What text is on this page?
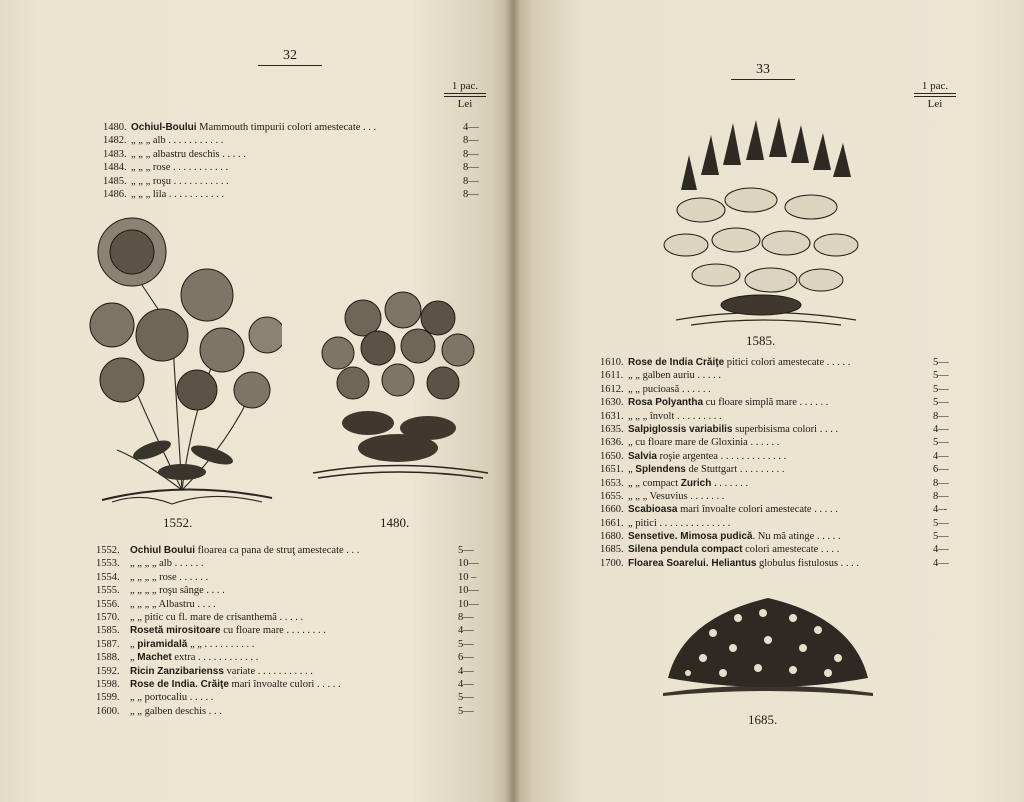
32
1 pac.
Lei
1480. Ochiul-Boului Mammouth timpurii colori amestecate . . .	4—
1482. „ „ „ alb . . . . . . . . . . .	8—
1483. „ „ „ albastru deschis . . . . .	8—
1484. „ „ „ rose . . . . . . . . . . .	8—
1485. „ „ „ roşu . . . . . . . . . . .	8—
1486. „ „ „ lila . . . . . . . . . . .	8—
1552.	1480.
1552. Ochiul Boului floarea ca pana de struţ amestecate . . .	5—
1553. „ „ „ „ alb . . . . . .	10—
1554. „ „ „ „ rose . . . . . .	10 –
1555. „ „ „ „ roşu sânge . . . .	10—
1556. „ „ „ „ Albastru . . . .	10—
1570. „ „ pitic cu fl. mare de crisanthemă . . . . .	8—
1585. Rosetă mirositoare cu floare mare . . . . . . . .	4—
1587. „ piramidală „ „ . . . . . . . . . .	5—
1588. „ Machet extra . . . . . . . . . . . .	6—
1592. Ricin Zanzibarienss variate . . . . . . . . . . .	4—
1598. Rose de India. Crăiţe mari învoalte culori . . . . .	4—
1599. „ „ portocaliu . . . . .	5—
1600. „ „ galben deschis . . .	5—
33
1 pac.
Lei
1585.
1610. Rose de India Crăiţe pitici colori amestecate . . . . .	5—
1611. „ „ galben auriu . . . . .	5—
1612. „ „ pucioasă . . . . . .	5—
1630. Rosa Polyantha cu floare simplă mare . . . . . .	5—
1631. „ „ „ învolt . . . . . . . . .	8—
1635. Salpiglossis variabilis superbisisma colori . . . .	4—
1636. „ cu floare mare de Gloxinia . . . . . .	5—
1650. Salvia roşie argentea . . . . . . . . . . . . .	4—
1651. „ Splendens de Stuttgart . . . . . . . . .	6—
1653. „ „ compact Zurich . . . . . . .	8—
1655. „ „ „ Vesuvius . . . . . . .	8—
1660. Scabioasa mari învoalte colori amestecate . . . . .	4–-
1661. „ pitici . . . . . . . . . . . . . .	5—
1680. Sensetive. Mimosa pudică. Nu mă atinge . . . . .	5—
1685. Silena pendula compact colori amestecate . . . .	4—
1700. Floarea Soarelui. Heliantus globulus fistulosus . . . .	4—
1685.
